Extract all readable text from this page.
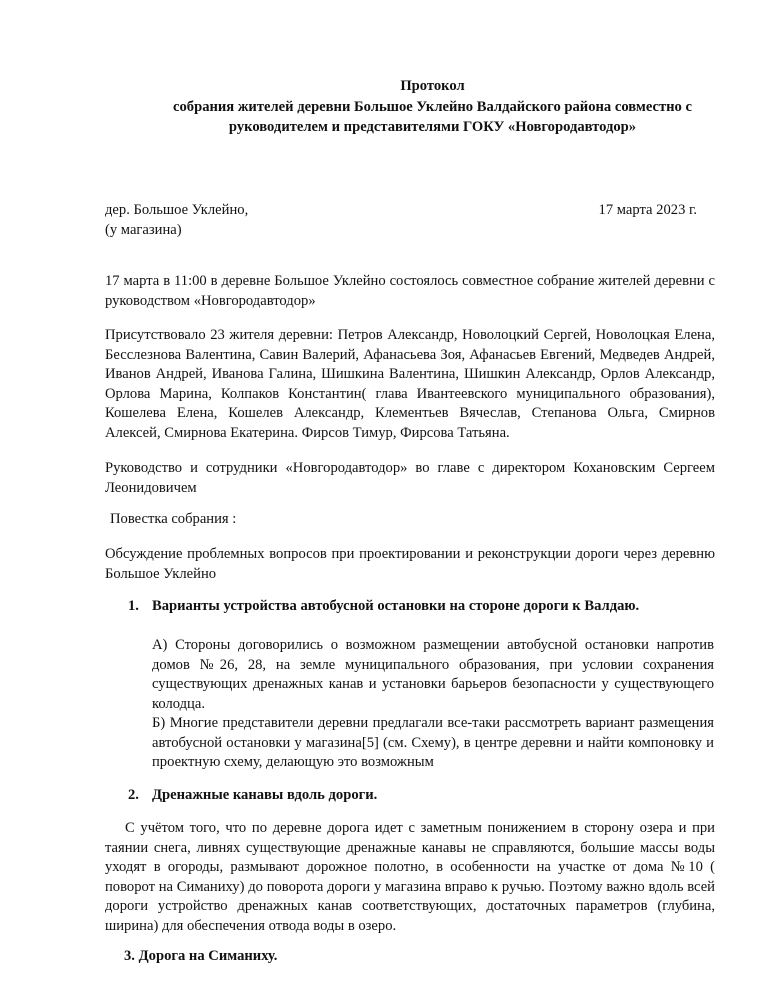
Протокол
собрания жителей деревни Большое Уклейно Валдайского района совместно с
руководителем и представителями ГОКУ «Новгородавтодор»
дер. Большое Уклейно,	17 марта 2023 г.
(у магазина)
17 марта в 11:00 в деревне Большое Уклейно состоялось совместное собрание жителей деревни с руководством «Новгородавтодор»
Присутствовало 23 жителя деревни: Петров Александр, Новолоцкий Сергей, Новолоцкая Елена, Бесслезнова Валентина, Савин Валерий, Афанасьева Зоя, Афанасьев Евгений, Медведев Андрей, Иванов Андрей, Иванова Галина, Шишкина Валентина, Шишкин Александр, Орлов Александр, Орлова Марина, Колпаков Константин( глава Ивантеевского муниципального образования), Кошелева Елена, Кошелев Александр, Клементьев Вячеслав, Степанова Ольга, Смирнов Алексей, Смирнова Екатерина. Фирсов Тимур, Фирсова Татьяна.
Руководство и сотрудники «Новгородавтодор» во главе с директором Кохановским Сергеем Леонидовичем
Повестка собрания :
Обсуждение проблемных вопросов при проектировании и реконструкции дороги через деревню Большое Уклейно
1. Варианты устройства автобусной остановки на стороне дороги к Валдаю.
А) Стороны договорились о возможном размещении автобусной остановки напротив домов №26, 28, на земле муниципального образования, при условии сохранения существующих дренажных канав и установки барьеров безопасности у существующего колодца.
Б) Многие представители деревни предлагали все-таки рассмотреть вариант размещения автобусной остановки у магазина[5] (см. Схему), в центре деревни и найти компоновку и проектную схему, делающую это возможным
2. Дренажные канавы вдоль дороги.
С учётом того, что по деревне дорога идет с заметным понижением в сторону озера и при таянии снега, ливнях существующие дренажные канавы не справляются, большие массы воды уходят в огороды, размывают дорожное полотно, в особенности на участке от дома №10 ( поворот на Симаниху) до поворота дороги у магазина вправо к ручью. Поэтому важно вдоль всей дороги устройство дренажных канав соответствующих, достаточных параметров (глубина, ширина) для обеспечения отвода воды в озеро.
3. Дорога на Симаниху.
